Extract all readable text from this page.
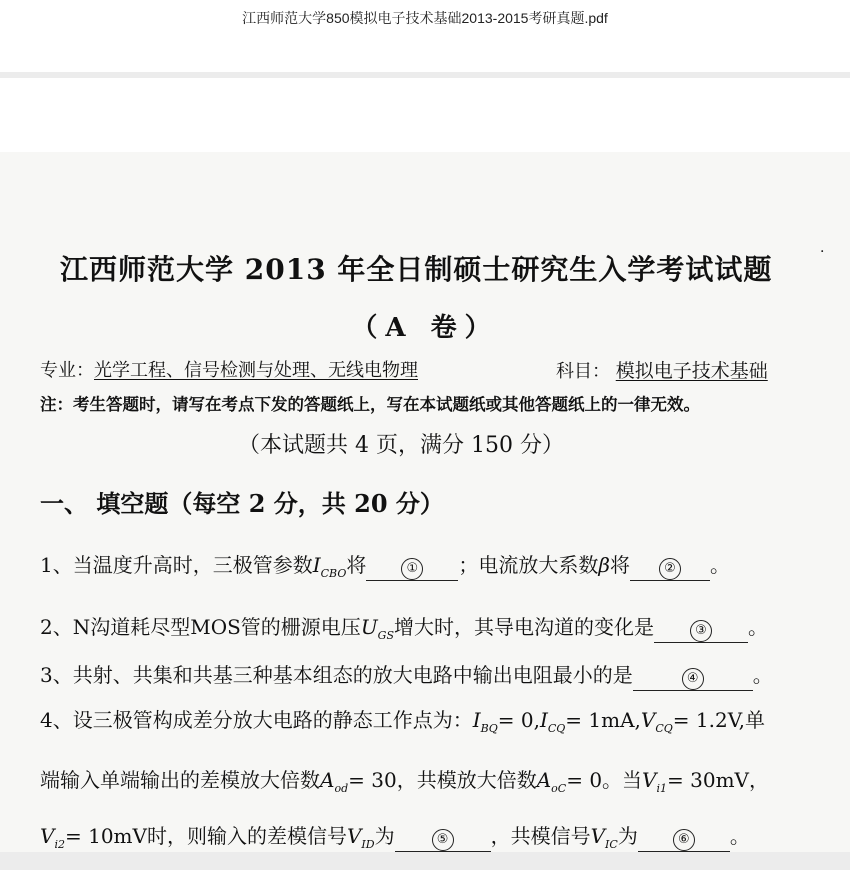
江西师范大学850模拟电子技术基础2013-2015考研真题.pdf
江西师范大学 2013 年全日制硕士研究生入学考试试题
·
（A 卷）
专业：光学工程、信号检测与处理、无线电物理	科目： 模拟电子技术基础
注：考生答题时，请写在考点下发的答题纸上，写在本试题纸或其他答题纸上的一律无效。
（本试题共 4 页，满分 150 分）
一、 填空题（每空 2 分，共 20 分）
1、当温度升高时，三极管参数$I_{CBO}$将	① ；电流放大系数β将	② 。
2、N沟道耗尽型MOS管的栅源电压$U_{GS}$增大时，其导电沟道的变化是	③ 。
3、共射、共集和共基三种基本组态的放大电路中输出电阻最小的是	④	。
4、设三极管构成差分放大电路的静态工作点为：$I_{BQ}= 0,I_{CQ}= 1mA,V_{CQ}= 1.2V$,单
端输入单端输出的差模放大倍数$A_{od}= 30$，共模放大倍数$A_{oC}= 0$。当$V_{i1}= 30mV$，
$V_{i2}= 10mV$时，则输入的差模信号$V_{ID}$为	⑤ ，共模信号$V_{IC}$为	⑥ 。
